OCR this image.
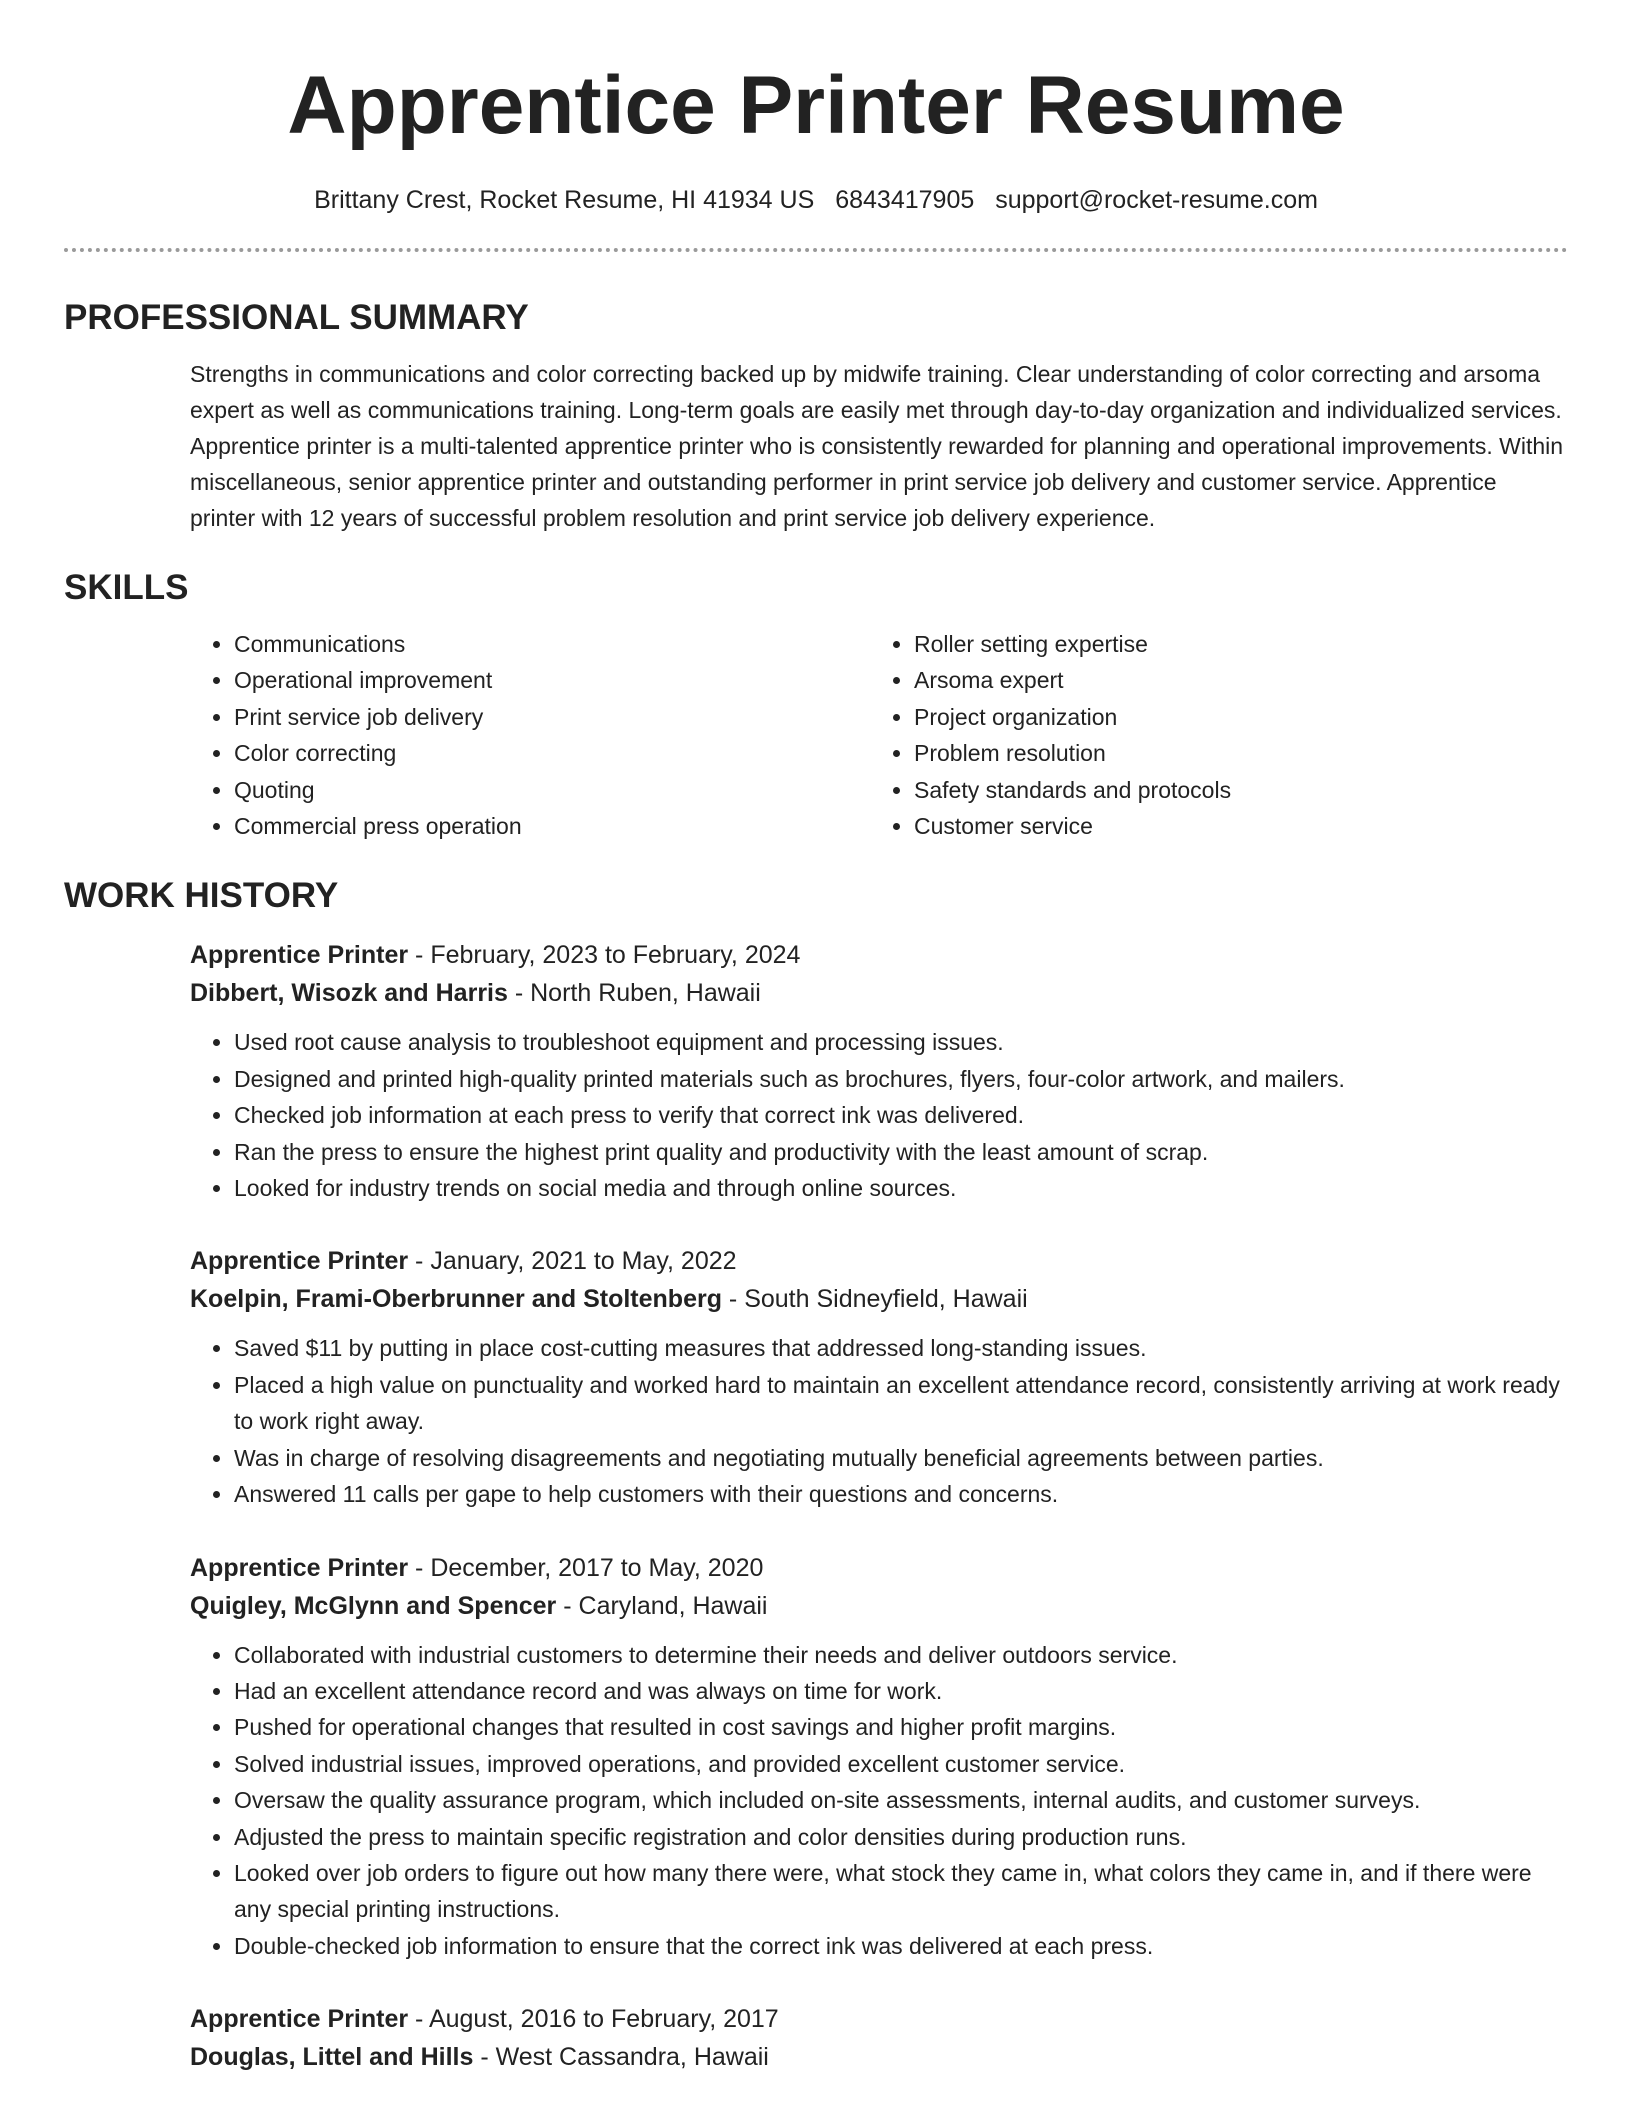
Apprentice Printer Resume
Brittany Crest, Rocket Resume, HI 41934 US 6843417905 support@rocket-resume.com
PROFESSIONAL SUMMARY

Strengths in communications and color correcting backed up by midwife training. Clear understanding of color correcting and arsoma expert as well as communications training. Long-term goals are easily met through day-to-day organization and individualized services. Apprentice printer is a multi-talented apprentice printer who is consistently rewarded for planning and operational improvements. Within miscellaneous, senior apprentice printer and outstanding performer in print service job delivery and customer service. Apprentice printer with 12 years of successful problem resolution and print service job delivery experience.

SKILLS
• Communications
• Operational improvement
• Print service job delivery
• Color correcting
• Quoting
• Commercial press operation
• Roller setting expertise
• Arsoma expert
• Project organization
• Problem resolution
• Safety standards and protocols
• Customer service
WORK HISTORY
Apprentice Printer - February, 2023 to February, 2024
Dibbert, Wisozk and Harris - North Ruben, Hawaii
• Used root cause analysis to troubleshoot equipment and processing issues.
• Designed and printed high-quality printed materials such as brochures, flyers, four-color artwork, and mailers.
• Checked job information at each press to verify that correct ink was delivered.
• Ran the press to ensure the highest print quality and productivity with the least amount of scrap.
• Looked for industry trends on social media and through online sources.
Apprentice Printer - January, 2021 to May, 2022
Koelpin, Frami-Oberbrunner and Stoltenberg - South Sidneyfield, Hawaii
• Saved $11 by putting in place cost-cutting measures that addressed long-standing issues.
• Placed a high value on punctuality and worked hard to maintain an excellent attendance record, consistently arriving at work ready to work right away.
• Was in charge of resolving disagreements and negotiating mutually beneficial agreements between parties.
• Answered 11 calls per gape to help customers with their questions and concerns.
Apprentice Printer - December, 2017 to May, 2020
Quigley, McGlynn and Spencer - Caryland, Hawaii
• Collaborated with industrial customers to determine their needs and deliver outdoors service.
• Had an excellent attendance record and was always on time for work.
• Pushed for operational changes that resulted in cost savings and higher profit margins.
• Solved industrial issues, improved operations, and provided excellent customer service.
• Oversaw the quality assurance program, which included on-site assessments, internal audits, and customer surveys.
• Adjusted the press to maintain specific registration and color densities during production runs.
• Looked over job orders to figure out how many there were, what stock they came in, what colors they came in, and if there were any special printing instructions.
• Double-checked job information to ensure that the correct ink was delivered at each press.
Apprentice Printer - August, 2016 to February, 2017
Douglas, Littel and Hills - West Cassandra, Hawaii
